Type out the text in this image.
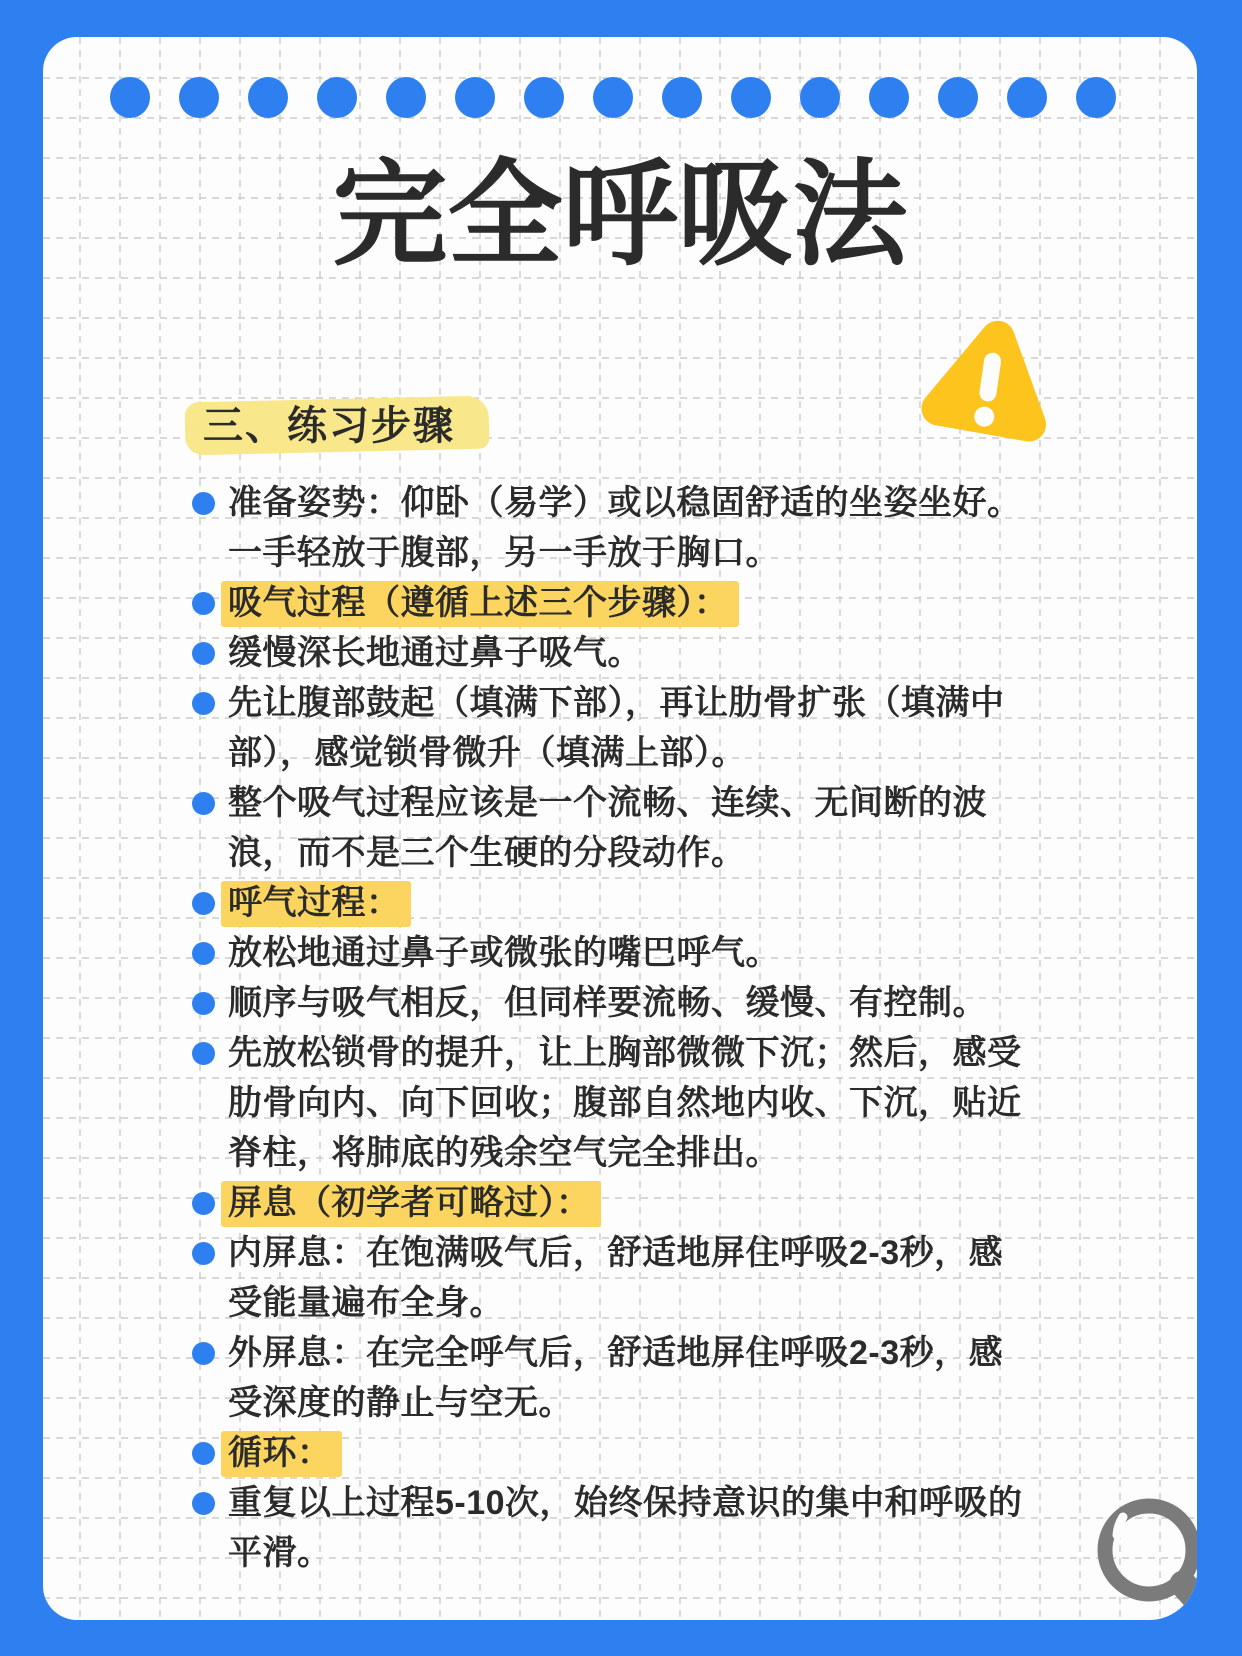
完全呼吸法
三、练习步骤
准备姿势：仰卧（易学）或以稳固舒适的坐姿坐好。一手轻放于腹部，另一手放于胸口。
吸气过程（遵循上述三个步骤）：
缓慢深长地通过鼻子吸气。
先让腹部鼓起（填满下部），再让肋骨扩张（填满中部），感觉锁骨微升（填满上部）。
整个吸气过程应该是一个流畅、连续、无间断的波浪，而不是三个生硬的分段动作。
呼气过程：
放松地通过鼻子或微张的嘴巴呼气。
顺序与吸气相反，但同样要流畅、缓慢、有控制。
先放松锁骨的提升，让上胸部微微下沉；然后，感受肋骨向内、向下回收；腹部自然地内收、下沉，贴近脊柱，将肺底的残余空气完全排出。
屏息（初学者可略过）：
内屏息：在饱满吸气后，舒适地屏住呼吸2-3秒，感受能量遍布全身。
外屏息：在完全呼气后，舒适地屏住呼吸2-3秒，感受深度的静止与空无。
循环：
重复以上过程5-10次，始终保持意识的集中和呼吸的平滑。
